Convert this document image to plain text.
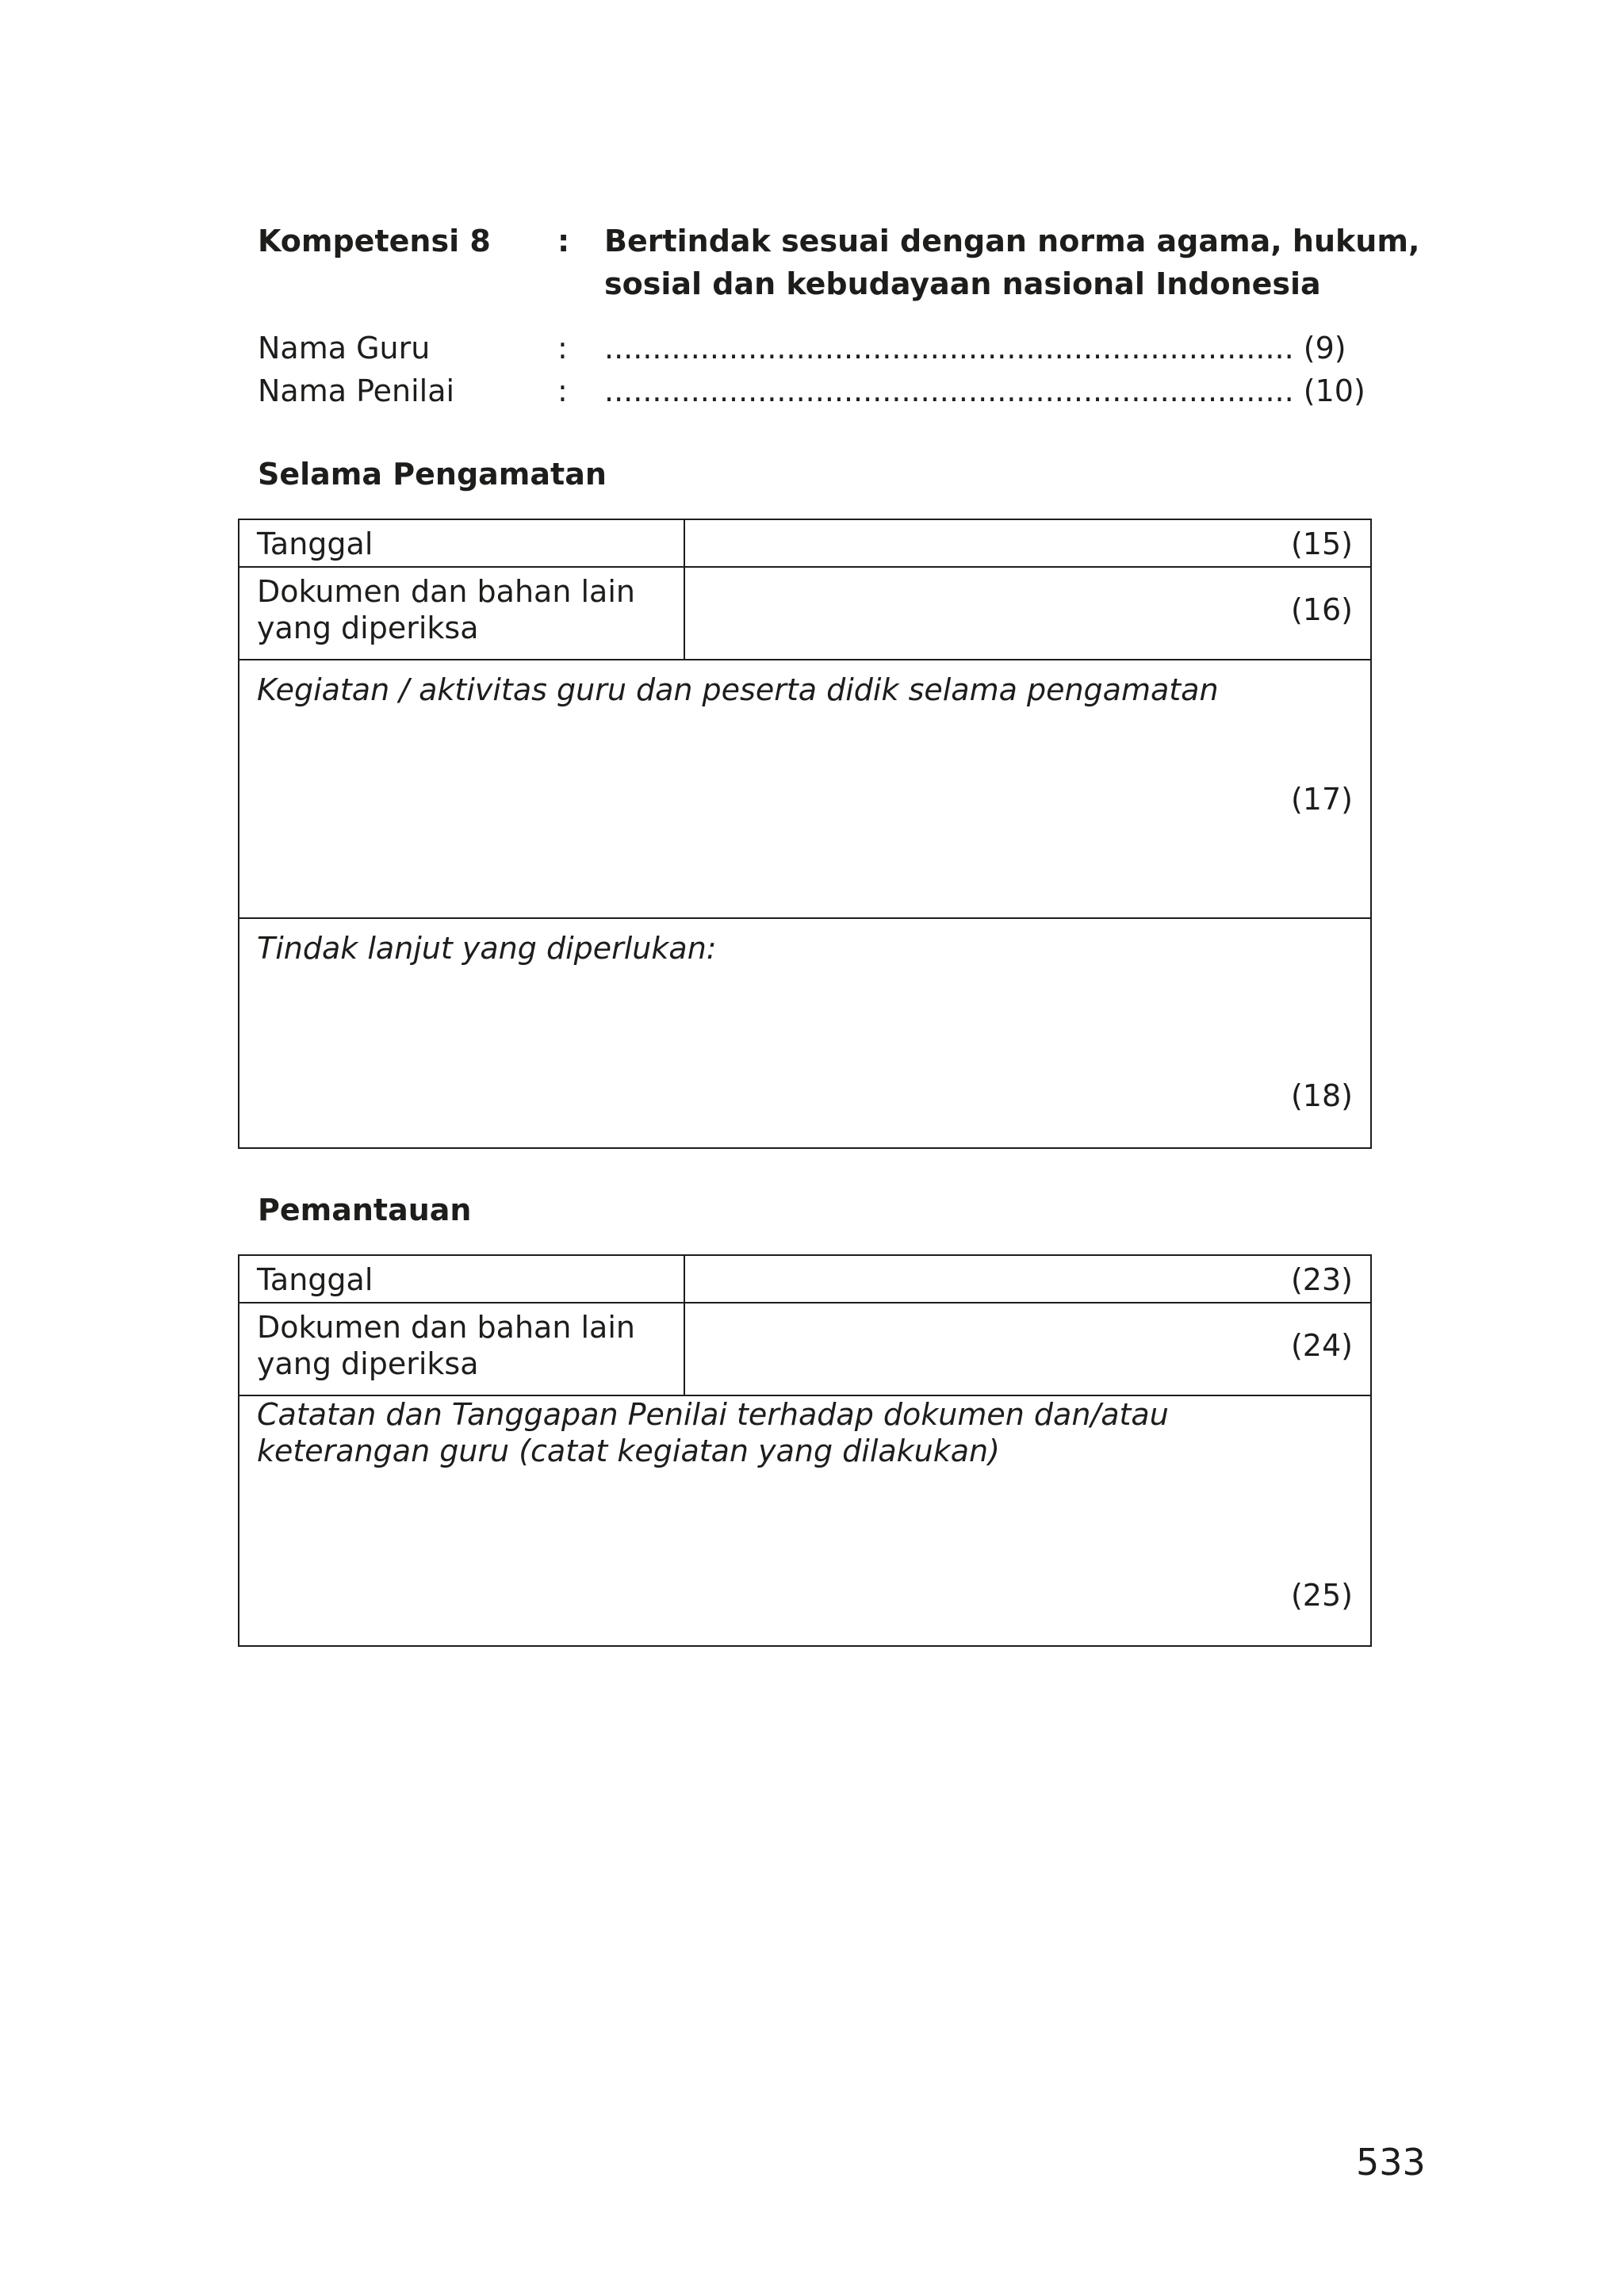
Kompetensi 8 : Bertindak sesuai dengan norma agama, hukum,
sosial dan kebudayaan nasional Indonesia
Nama Guru	: ........................................................................ (9)
Nama Penilai	: ........................................................................ (10)
Selama Pengamatan
Tanggal	(15)

Dokumen dan bahan lain
yang diperiksa	(16)

Kegiatan / aktivitas guru dan peserta didik selama pengamatan
(17)	

Tindak lanjut yang diperlukan:
(18)	
Pemantauan
Tanggal	(23)

Dokumen dan bahan lain
yang diperiksa	(24)

Catatan dan Tanggapan Penilai terhadap dokumen dan/atau
keterangan guru (catat kegiatan yang dilakukan)
(25)	
533
